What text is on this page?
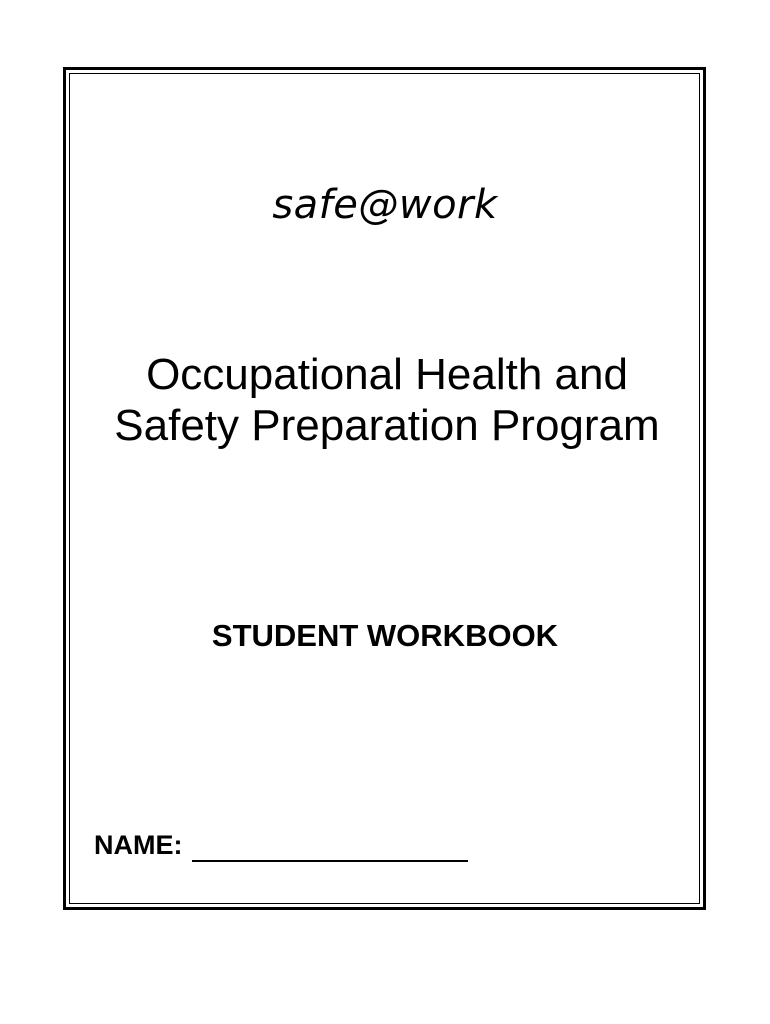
safe@work
Occupational Health and
Safety Preparation Program
STUDENT WORKBOOK
NAME:
